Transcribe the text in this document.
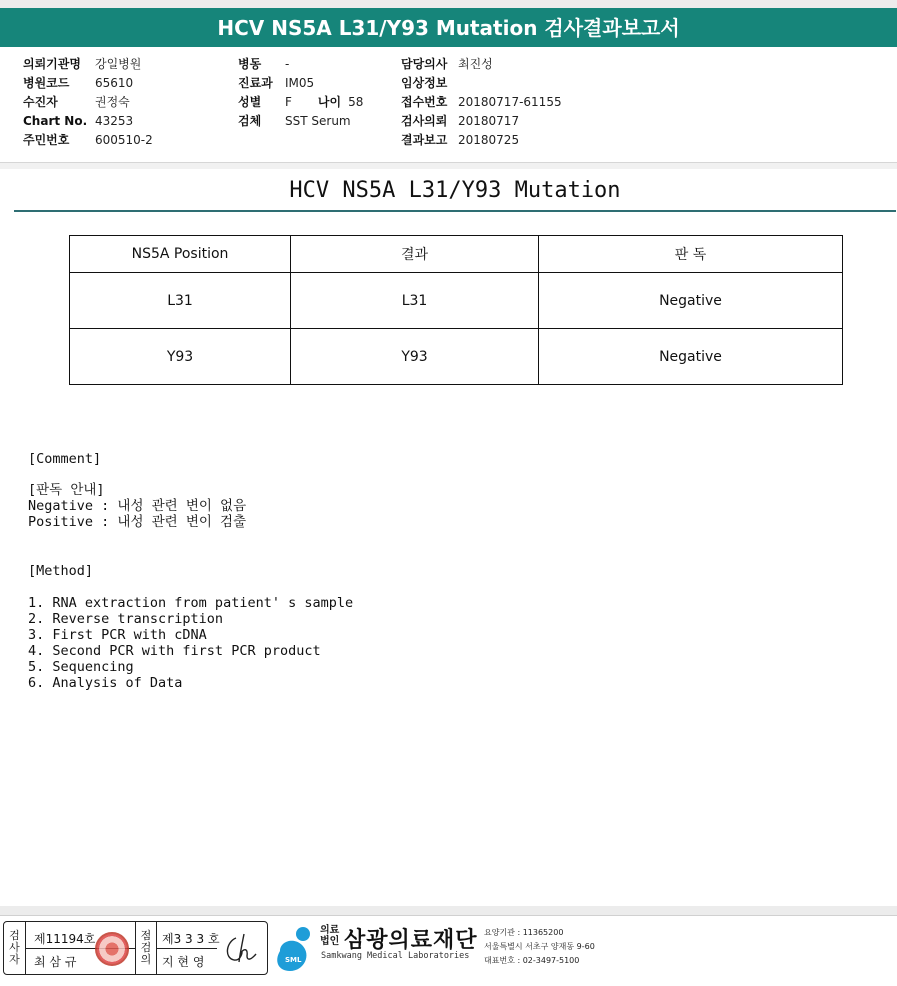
HCV NS5A L31/Y93 Mutation 검사결과보고서
의뢰기관명	강일병원
병원코드	65610
수진자	권정숙
Chart No. 43253
주민번호	600510-2
병동	-
진료과	IM05
성별	F 나이 58
검체	SST Serum
담당의사 최진성
임상정보
접수번호 20180717-61155
검사의뢰 20180717
결과보고 20180725
HCV NS5A L31/Y93 Mutation
NS5A Position	결과	판 독
L31	L31	Negative
Y93	Y93	Negative
[Comment]
[판독 안내]
Negative : 내성 관련 변이 없음
Positive : 내성 관련 변이 검출
[Method]
1. RNA extraction from patient' s sample
2. Reverse transcription
3. First PCR with cDNA
4. Second PCR with first PCR product
5. Sequencing
6. Analysis of Data
검
사
자
제11194호
최 삼 규
점
검
의
제3 3 3 호
지 현 영	SML
의료
법인 삼광의료재단
Samkwang Medical Laboratories
요양기관 : 11365200
서울특별시 서초구 양재동 9-60
대표번호 : 02-3497-5100
